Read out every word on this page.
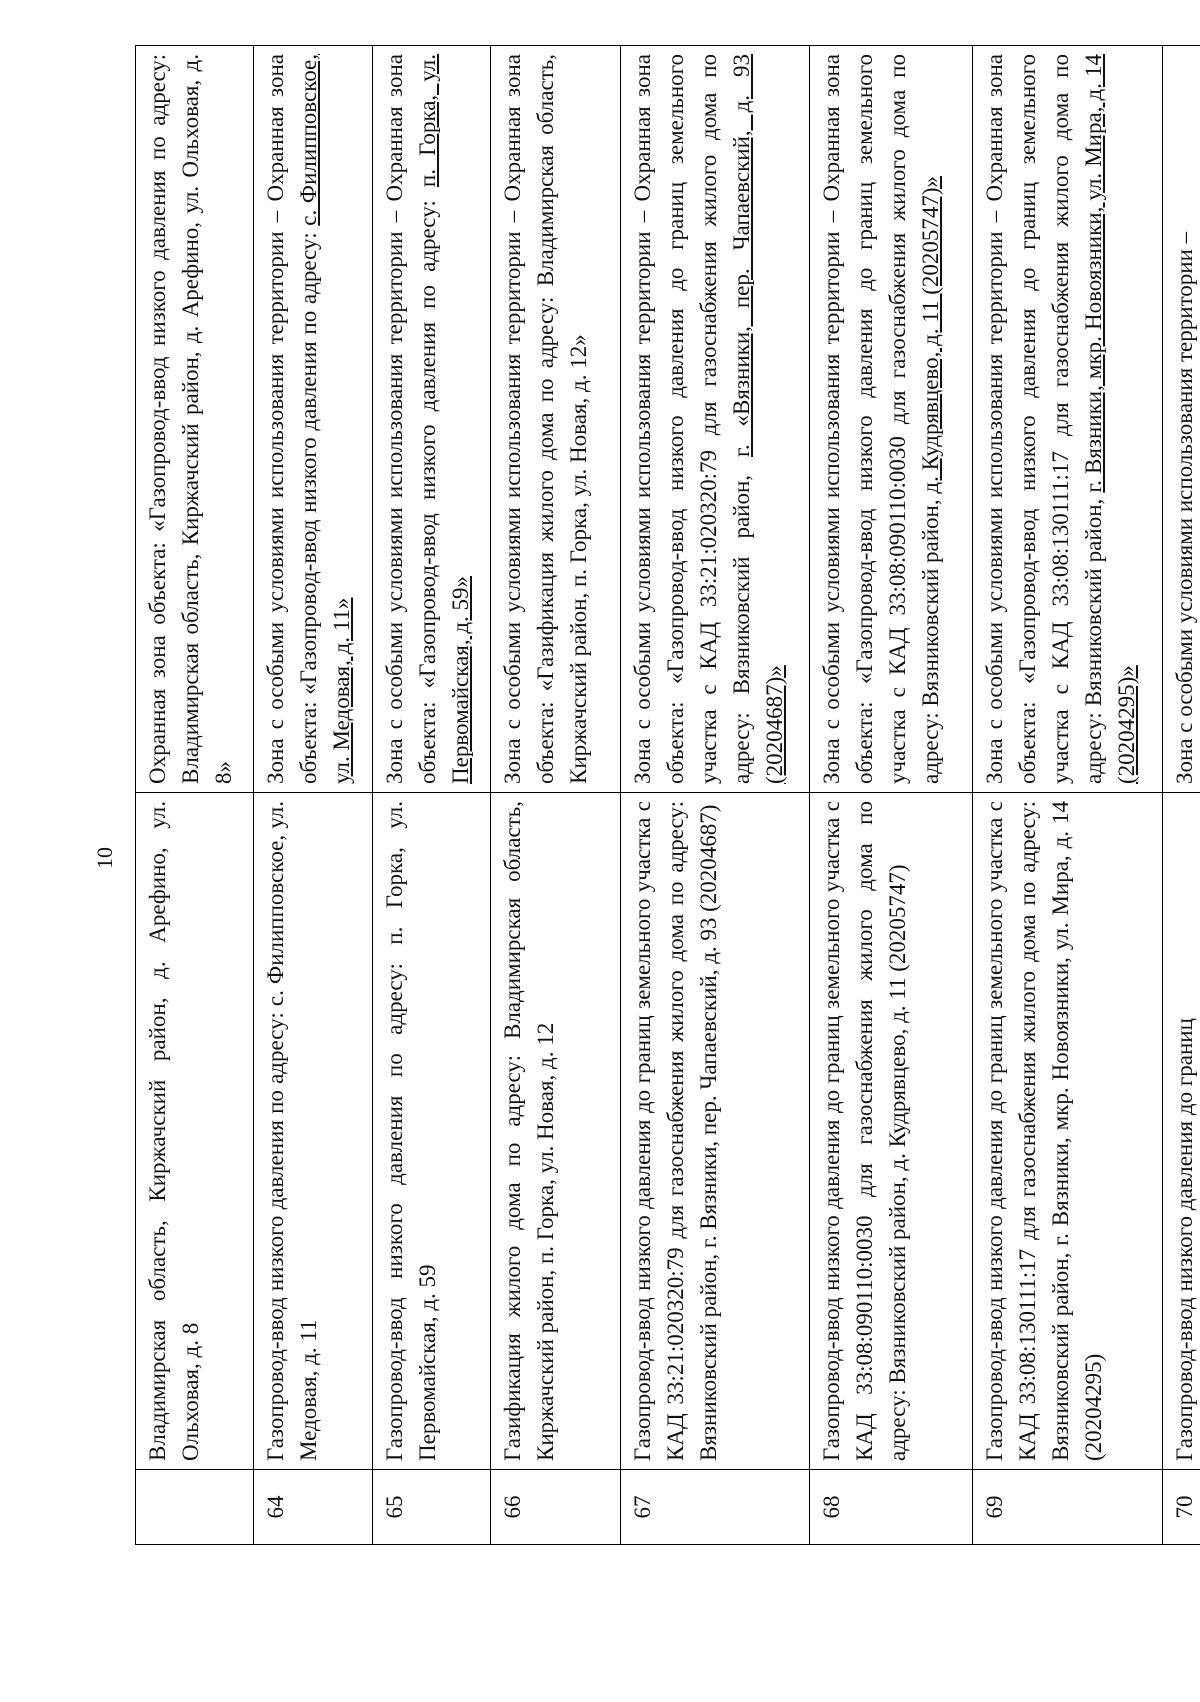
10
	Владимирская область, Киржачский район, д. Арефино, ул. Ольховая, д. 8	Охранная зона объекта: «Газопровод-ввод низкого давления по адресу: Владимирская область, Киржачский район, д. Арефино, ул. Ольховая, д. 8»
64	Газопровод-ввод низкого давления по адресу: с. Филипповское, ул. Медовая, д. 11	Зона с особыми условиями использования территории – Охранная зона объекта: «Газопровод-ввод низкого давления по адресу: с. Филипповское, ул. Медовая, д. 11»
65	Газопровод-ввод низкого давления по адресу: п. Горка, ул. Первомайская, д. 59	Зона с особыми условиями использования территории – Охранная зона объекта: «Газопровод-ввод низкого давления по адресу: п. Горка, ул. Первомайская, д. 59»
66	Газификация жилого дома по адресу: Владимирская область, Киржачский район, п. Горка, ул. Новая, д. 12	Зона с особыми условиями использования территории – Охранная зона объекта: «Газификация жилого дома по адресу: Владимирская область, Киржачский район, п. Горка, ул. Новая, д. 12»
67	Газопровод-ввод низкого давления до границ земельного участка с КАД 33:21:020320:79 для газоснабжения жилого дома по адресу: Вязниковский район, г. Вязники, пер. Чапаевский, д. 93 (20204687)	Зона с особыми условиями использования территории – Охранная зона объекта: «Газопровод-ввод низкого давления до границ земельного участка с КАД 33:21:020320:79 для газоснабжения жилого дома по адресу: Вязниковский район, г. «Вязники, пер. Чапаевский, д. 93 (20204687)»
68	Газопровод-ввод низкого давления до границ земельного участка с КАД 33:08:090110:0030 для газоснабжения жилого дома по адресу: Вязниковский район, д. Кудрявцево, д. 11 (20205747)	Зона с особыми условиями использования территории – Охранная зона объекта: «Газопровод-ввод низкого давления до границ земельного участка с КАД 33:08:090110:0030 для газоснабжения жилого дома по адресу: Вязниковский район, д. Кудрявцево, д. 11 (20205747)»
69	Газопровод-ввод низкого давления до границ земельного участка с КАД 33:08:130111:17 для газоснабжения жилого дома по адресу: Вязниковский район, г. Вязники, мкр. Новоязники, ул. Мира, д. 14 (20204295)	Зона с особыми условиями использования территории – Охранная зона объекта: «Газопровод-ввод низкого давления до границ земельного участка с КАД 33:08:130111:17 для газоснабжения жилого дома по адресу: Вязниковский район, г. Вязники, мкр. Новоязники, ул. Мира, д. 14 (20204295)»
70	Газопровод-ввод низкого давления до границ	Зона с особыми условиями использования территории –
